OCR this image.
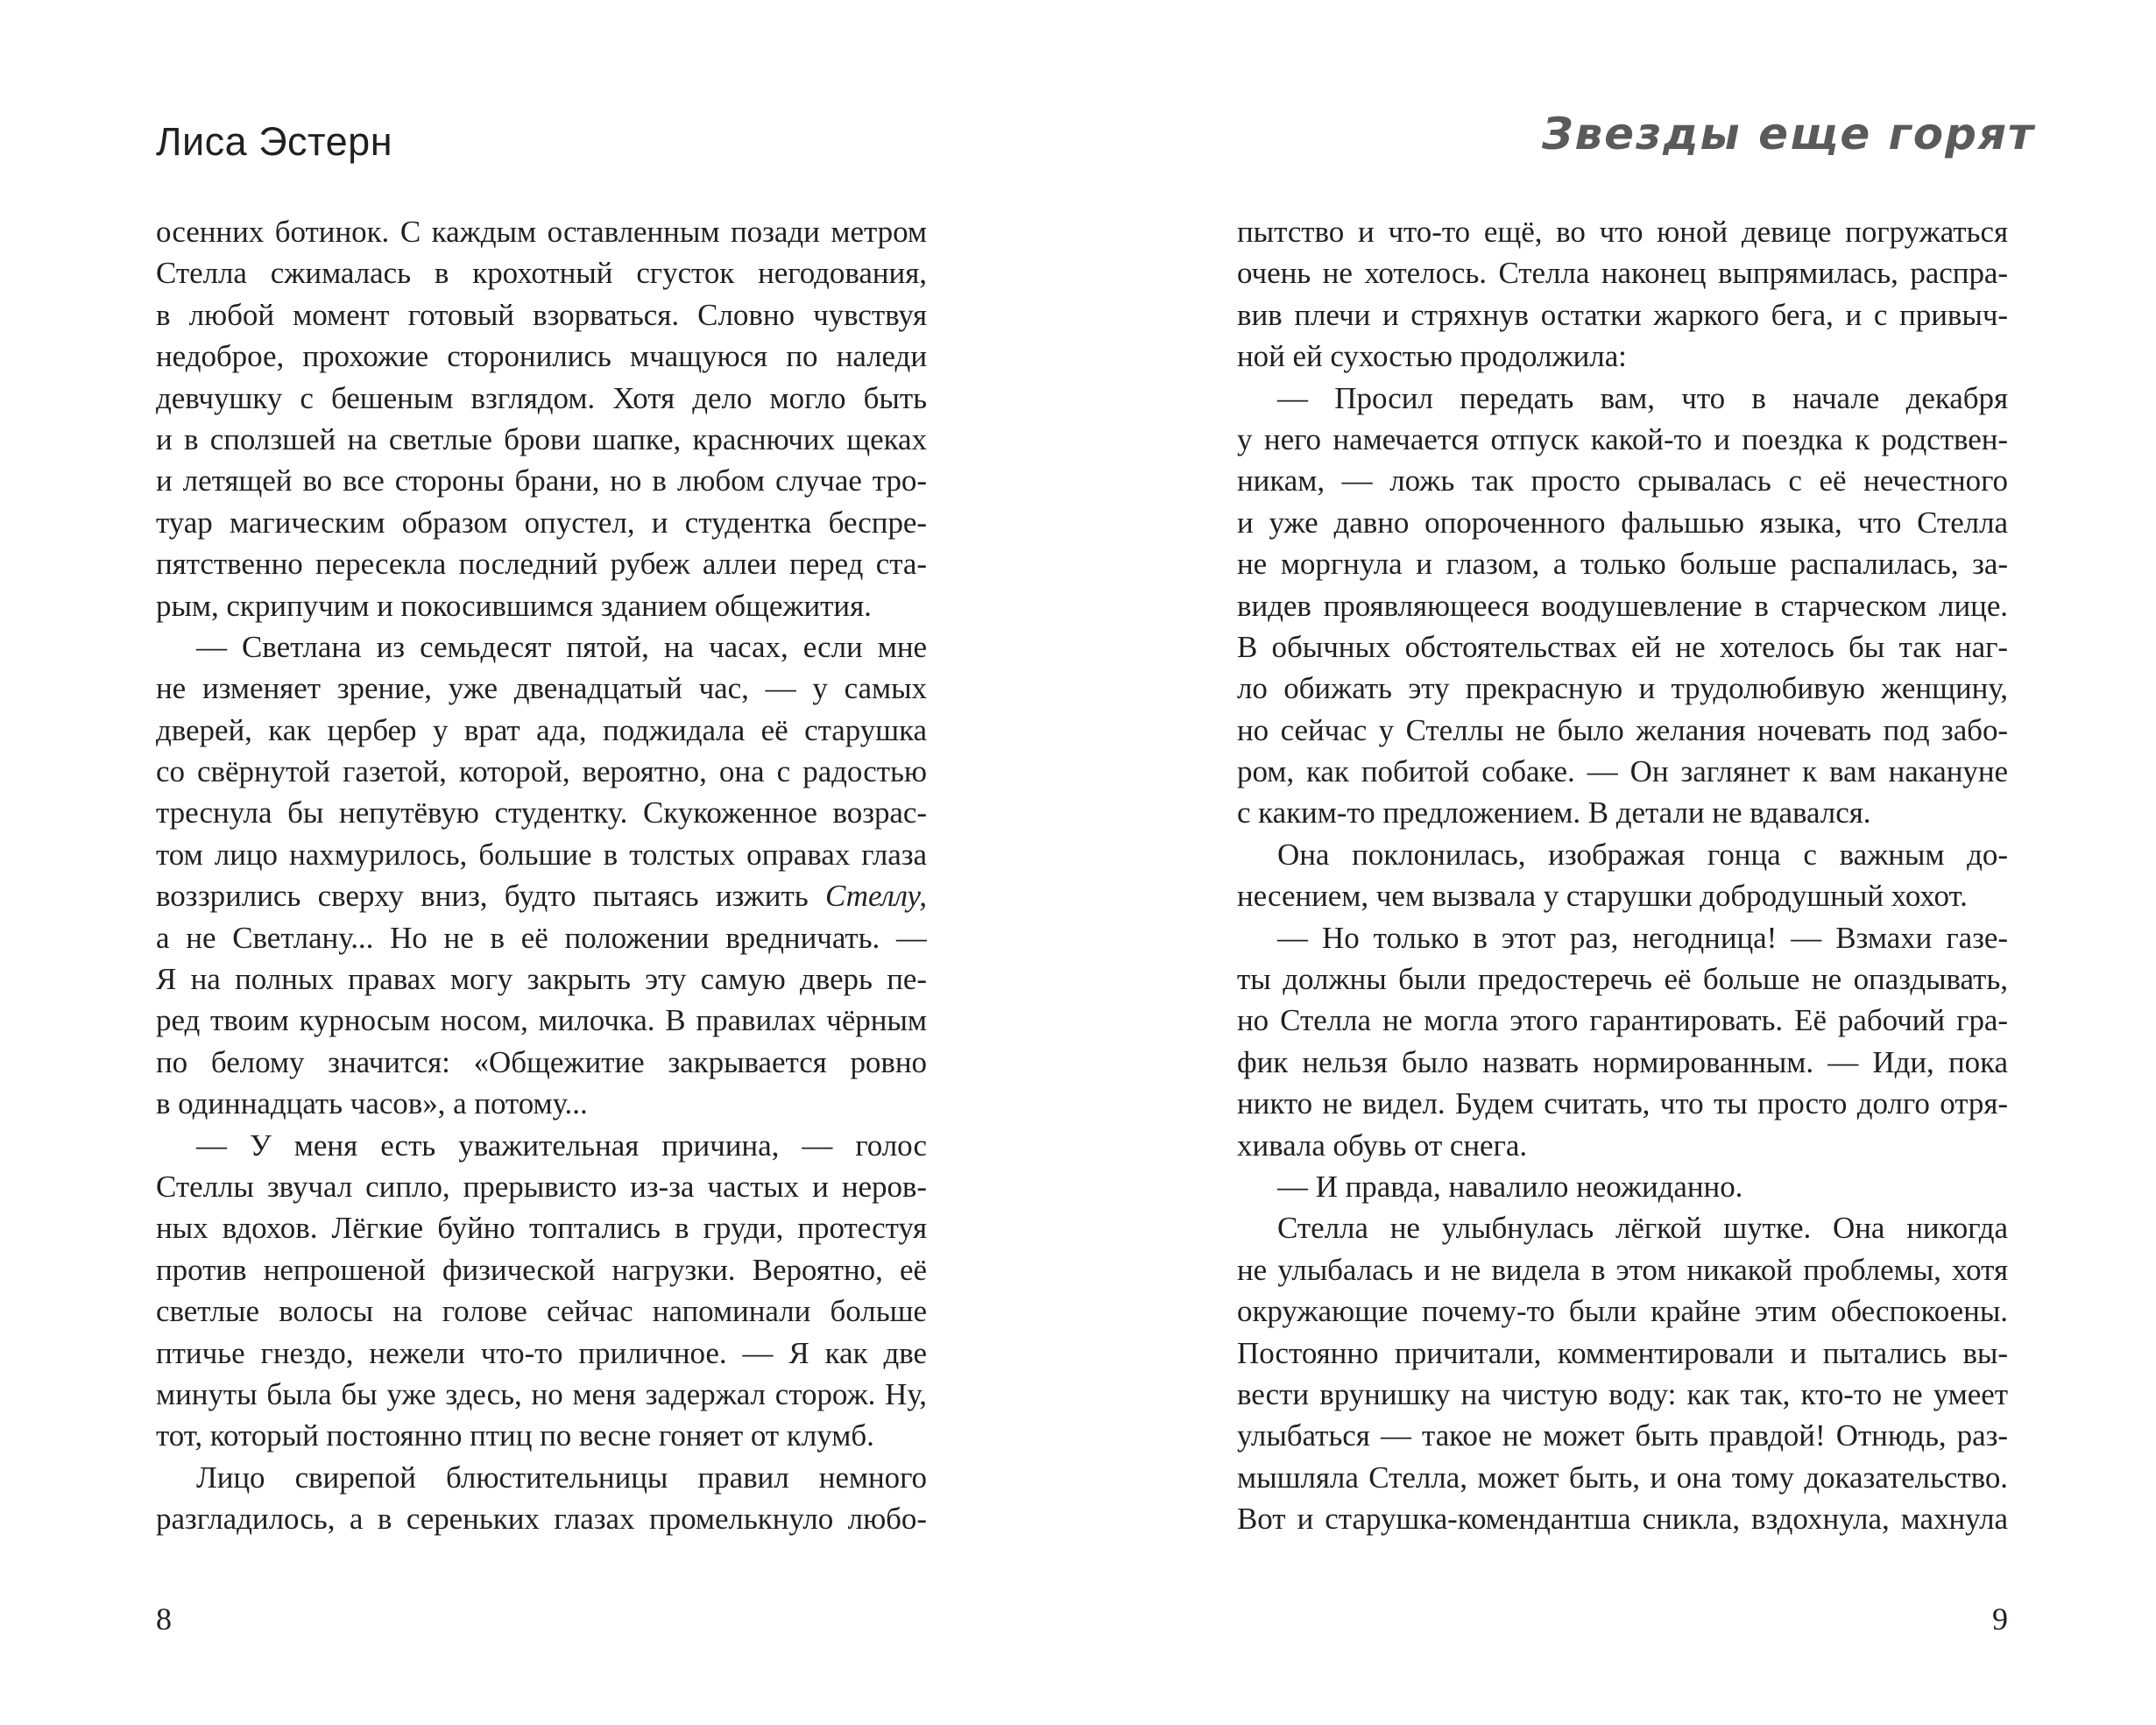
Лиса Эстерн
осенних ботинок. С каждым оставленным позади метром
Стелла сжималась в крохотный сгусток негодования,
в любой момент готовый взорваться. Словно чувствуя
недоброе, прохожие сторонились мчащуюся по наледи
девчушку с бешеным взглядом. Хотя дело могло быть
и в сползшей на светлые брови шапке, краснючих щеках
и летящей во все стороны брани, но в любом случае тро-
туар магическим образом опустел, и студентка беспре-
пятственно пересекла последний рубеж аллеи перед ста-
рым, скрипучим и покосившимся зданием общежития.
— Светлана из семьдесят пятой, на часах, если мне
не изменяет зрение, уже двенадцатый час, — у самых
дверей, как цербер у врат ада, поджидала её старушка
со свёрнутой газетой, которой, вероятно, она с радостью
треснула бы непутёвую студентку. Скукоженное возрас-
том лицо нахмурилось, большие в толстых оправах глаза
воззрились сверху вниз, будто пытаясь изжить Стеллу,
а не Светлану... Но не в её положении вредничать. —
Я на полных правах могу закрыть эту самую дверь пе-
ред твоим курносым носом, милочка. В правилах чёрным
по белому значится: «Общежитие закрывается ровно
в одиннадцать часов», а потому...
— У меня есть уважительная причина, — голос
Стеллы звучал сипло, прерывисто из-за частых и неров-
ных вдохов. Лёгкие буйно топтались в груди, протестуя
против непрошеной физической нагрузки. Вероятно, её
светлые волосы на голове сейчас напоминали больше
птичье гнездо, нежели что-то приличное. — Я как две
минуты была бы уже здесь, но меня задержал сторож. Ну,
тот, который постоянно птиц по весне гоняет от клумб.
Лицо свирепой блюстительницы правил немного
разгладилось, а в сереньких глазах промелькнуло любо-
8
Звезды еще горят
пытство и что-то ещё, во что юной девице погружаться
очень не хотелось. Стелла наконец выпрямилась, распра-
вив плечи и стряхнув остатки жаркого бега, и с привыч-
ной ей сухостью продолжила:
— Просил передать вам, что в начале декабря
у него намечается отпуск какой-то и поездка к родствен-
никам, — ложь так просто срывалась с её нечестного
и уже давно опороченного фальшью языка, что Стелла
не моргнула и глазом, а только больше распалилась, за-
видев проявляющееся воодушевление в старческом лице.
В обычных обстоятельствах ей не хотелось бы так наг-
ло обижать эту прекрасную и трудолюбивую женщину,
но сейчас у Стеллы не было желания ночевать под забо-
ром, как побитой собаке. — Он заглянет к вам накануне
с каким-то предложением. В детали не вдавался.
Она поклонилась, изображая гонца с важным до-
несением, чем вызвала у старушки добродушный хохот.
— Но только в этот раз, негодница! — Взмахи газе-
ты должны были предостеречь её больше не опаздывать,
но Стелла не могла этого гарантировать. Её рабочий гра-
фик нельзя было назвать нормированным. — Иди, пока
никто не видел. Будем считать, что ты просто долго отря-
хивала обувь от снега.
— И правда, навалило неожиданно.
Стелла не улыбнулась лёгкой шутке. Она никогда
не улыбалась и не видела в этом никакой проблемы, хотя
окружающие почему-то были крайне этим обеспокоены.
Постоянно причитали, комментировали и пытались вы-
вести врунишку на чистую воду: как так, кто-то не умеет
улыбаться — такое не может быть правдой! Отнюдь, раз-
мышляла Стелла, может быть, и она тому доказательство.
Вот и старушка-комендантша сникла, вздохнула, махнула
9
